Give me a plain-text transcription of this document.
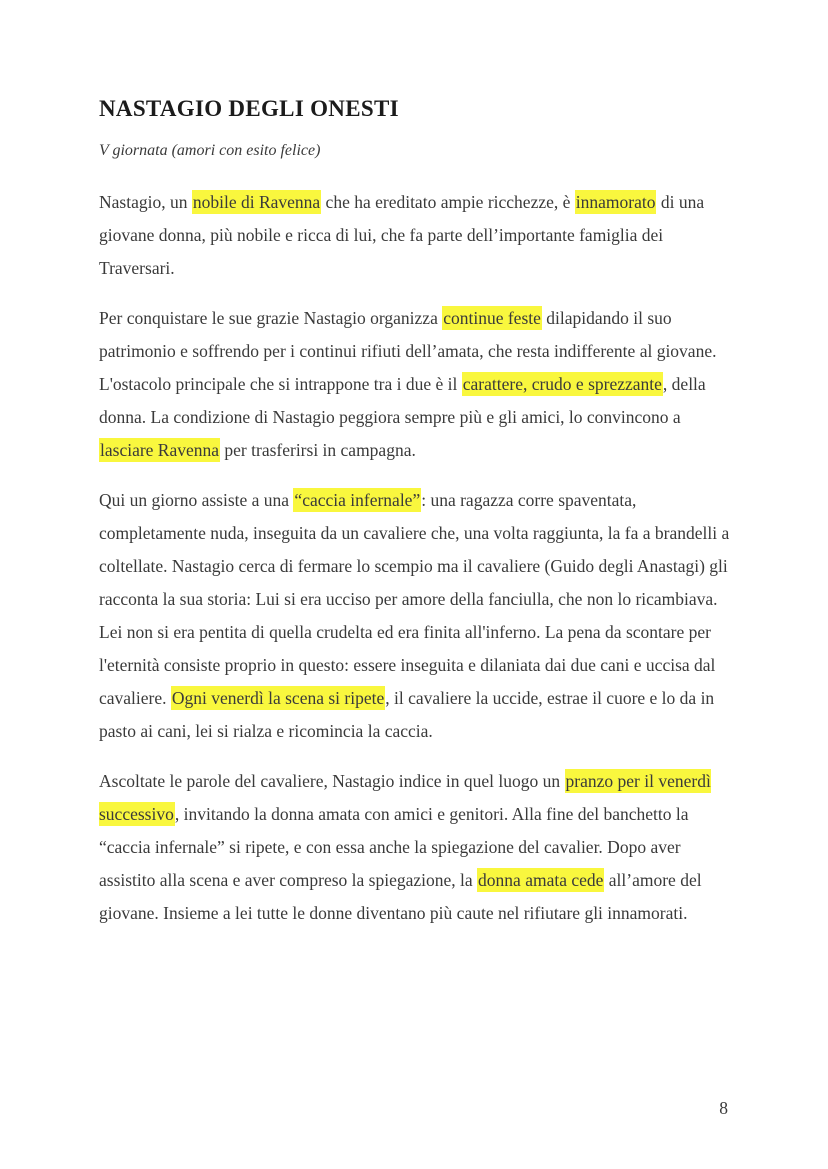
NASTAGIO DEGLI ONESTI

V giornata (amori con esito felice)

Nastagio, un nobile di Ravenna che ha ereditato ampie ricchezze, è innamorato di una giovane donna, più nobile e ricca di lui, che fa parte dell’importante famiglia dei Traversari.

Per conquistare le sue grazie Nastagio organizza continue feste dilapidando il suo patrimonio e soffrendo per i continui rifiuti dell’amata, che resta indifferente al giovane. L'ostacolo principale che si intrappone tra i due è il carattere, crudo e sprezzante, della donna. La condizione di Nastagio peggiora sempre più e gli amici, lo convincono a lasciare Ravenna per trasferirsi in campagna.

Qui un giorno assiste a una “caccia infernale”: una ragazza corre spaventata, completamente nuda, inseguita da un cavaliere che, una volta raggiunta, la fa a brandelli a coltellate. Nastagio cerca di fermare lo scempio ma il cavaliere (Guido degli Anastagi) gli racconta la sua storia: Lui si era ucciso per amore della fanciulla, che non lo ricambiava. Lei non si era pentita di quella crudelta ed era finita all'inferno. La pena da scontare per l'eternità consiste proprio in questo: essere inseguita e dilaniata dai due cani e uccisa dal cavaliere. Ogni venerdì la scena si ripete, il cavaliere la uccide, estrae il cuore e lo da in pasto ai cani, lei si rialza e ricomincia la caccia.

Ascoltate le parole del cavaliere, Nastagio indice in quel luogo un pranzo per il venerdì successivo, invitando la donna amata con amici e genitori. Alla fine del banchetto la “caccia infernale” si ripete, e con essa anche la spiegazione del cavalier. Dopo aver assistito alla scena e aver compreso la spiegazione, la donna amata cede all’amore del giovane. Insieme a lei tutte le donne diventano più caute nel rifiutare gli innamorati.

8
